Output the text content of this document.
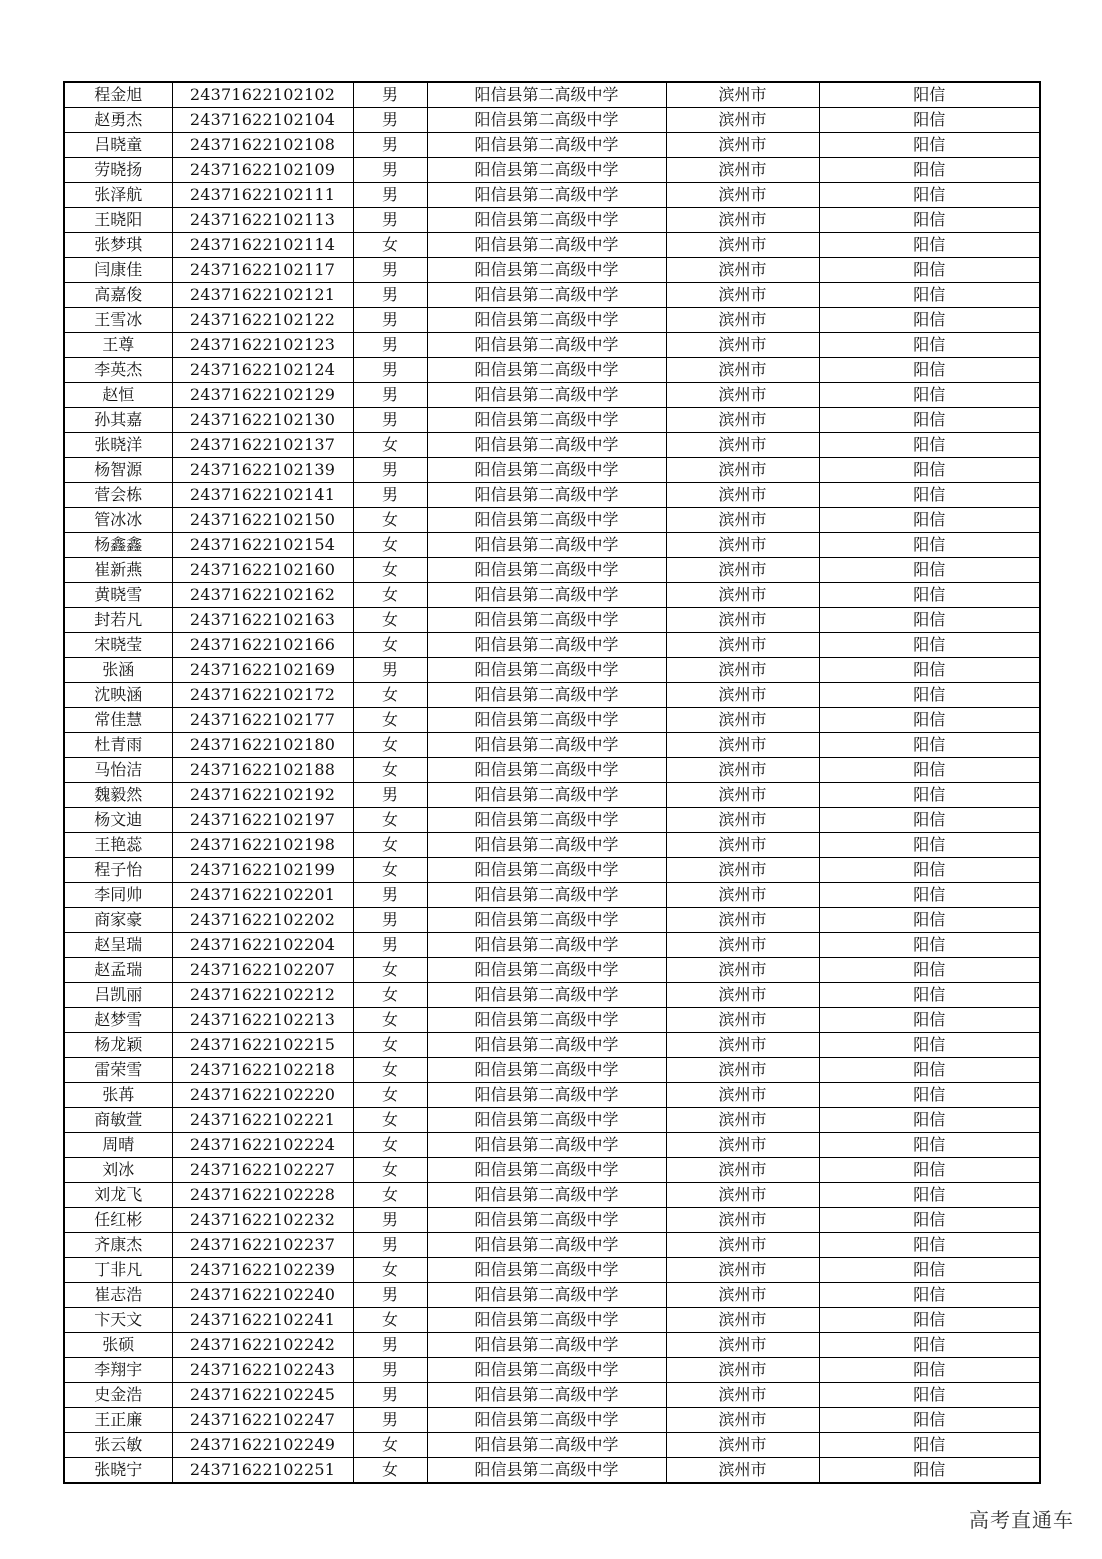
程金旭	24371622102102	男	阳信县第二高级中学	滨州市	阳信
赵勇杰	24371622102104	男	阳信县第二高级中学	滨州市	阳信
吕晓童	24371622102108	男	阳信县第二高级中学	滨州市	阳信
劳晓扬	24371622102109	男	阳信县第二高级中学	滨州市	阳信
张泽航	24371622102111	男	阳信县第二高级中学	滨州市	阳信
王晓阳	24371622102113	男	阳信县第二高级中学	滨州市	阳信
张梦琪	24371622102114	女	阳信县第二高级中学	滨州市	阳信
闫康佳	24371622102117	男	阳信县第二高级中学	滨州市	阳信
高嘉俊	24371622102121	男	阳信县第二高级中学	滨州市	阳信
王雪冰	24371622102122	男	阳信县第二高级中学	滨州市	阳信
王尊	24371622102123	男	阳信县第二高级中学	滨州市	阳信
李英杰	24371622102124	男	阳信县第二高级中学	滨州市	阳信
赵恒	24371622102129	男	阳信县第二高级中学	滨州市	阳信
孙其嘉	24371622102130	男	阳信县第二高级中学	滨州市	阳信
张晓洋	24371622102137	女	阳信县第二高级中学	滨州市	阳信
杨智源	24371622102139	男	阳信县第二高级中学	滨州市	阳信
菅会栋	24371622102141	男	阳信县第二高级中学	滨州市	阳信
管冰冰	24371622102150	女	阳信县第二高级中学	滨州市	阳信
杨鑫鑫	24371622102154	女	阳信县第二高级中学	滨州市	阳信
崔新燕	24371622102160	女	阳信县第二高级中学	滨州市	阳信
黄晓雪	24371622102162	女	阳信县第二高级中学	滨州市	阳信
封若凡	24371622102163	女	阳信县第二高级中学	滨州市	阳信
宋晓莹	24371622102166	女	阳信县第二高级中学	滨州市	阳信
张涵	24371622102169	男	阳信县第二高级中学	滨州市	阳信
沈映涵	24371622102172	女	阳信县第二高级中学	滨州市	阳信
常佳慧	24371622102177	女	阳信县第二高级中学	滨州市	阳信
杜青雨	24371622102180	女	阳信县第二高级中学	滨州市	阳信
马怡洁	24371622102188	女	阳信县第二高级中学	滨州市	阳信
魏毅然	24371622102192	男	阳信县第二高级中学	滨州市	阳信
杨文迪	24371622102197	女	阳信县第二高级中学	滨州市	阳信
王艳蕊	24371622102198	女	阳信县第二高级中学	滨州市	阳信
程子怡	24371622102199	女	阳信县第二高级中学	滨州市	阳信
李同帅	24371622102201	男	阳信县第二高级中学	滨州市	阳信
商家豪	24371622102202	男	阳信县第二高级中学	滨州市	阳信
赵呈瑞	24371622102204	男	阳信县第二高级中学	滨州市	阳信
赵孟瑞	24371622102207	女	阳信县第二高级中学	滨州市	阳信
吕凯丽	24371622102212	女	阳信县第二高级中学	滨州市	阳信
赵梦雪	24371622102213	女	阳信县第二高级中学	滨州市	阳信
杨龙颖	24371622102215	女	阳信县第二高级中学	滨州市	阳信
雷荣雪	24371622102218	女	阳信县第二高级中学	滨州市	阳信
张苒	24371622102220	女	阳信县第二高级中学	滨州市	阳信
商敏萱	24371622102221	女	阳信县第二高级中学	滨州市	阳信
周晴	24371622102224	女	阳信县第二高级中学	滨州市	阳信
刘冰	24371622102227	女	阳信县第二高级中学	滨州市	阳信
刘龙飞	24371622102228	女	阳信县第二高级中学	滨州市	阳信
任红彬	24371622102232	男	阳信县第二高级中学	滨州市	阳信
齐康杰	24371622102237	男	阳信县第二高级中学	滨州市	阳信
丁非凡	24371622102239	女	阳信县第二高级中学	滨州市	阳信
崔志浩	24371622102240	男	阳信县第二高级中学	滨州市	阳信
卞天文	24371622102241	女	阳信县第二高级中学	滨州市	阳信
张硕	24371622102242	男	阳信县第二高级中学	滨州市	阳信
李翔宇	24371622102243	男	阳信县第二高级中学	滨州市	阳信
史金浩	24371622102245	男	阳信县第二高级中学	滨州市	阳信
王正廉	24371622102247	男	阳信县第二高级中学	滨州市	阳信
张云敏	24371622102249	女	阳信县第二高级中学	滨州市	阳信
张晓宁	24371622102251	女	阳信县第二高级中学	滨州市	阳信
高考直通车
